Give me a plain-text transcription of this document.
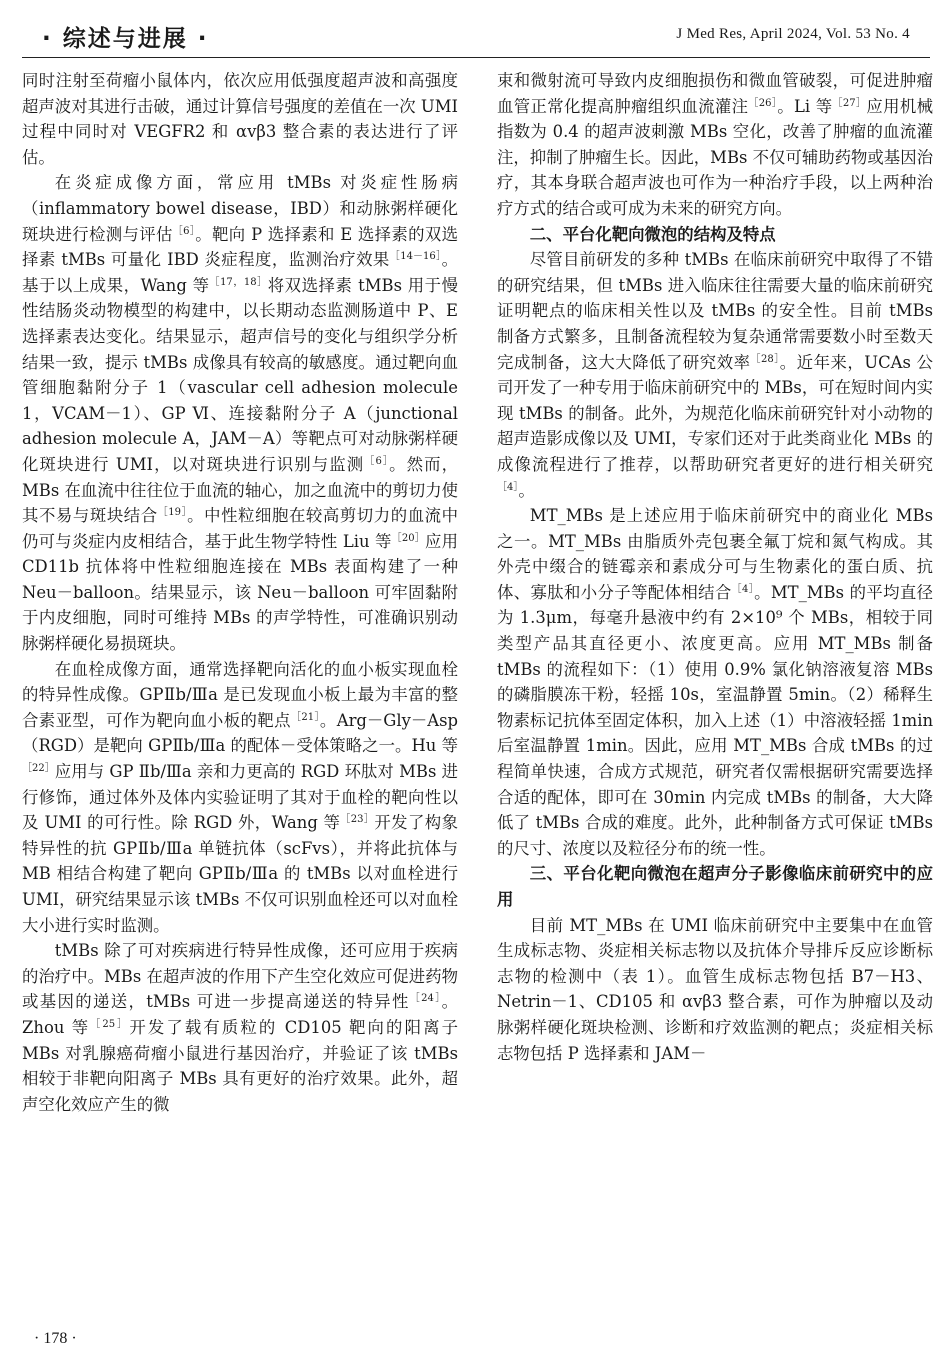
· 综述与进展 ·	J Med Res, April 2024, Vol. 53 No. 4

同时注射至荷瘤小鼠体内，依次应用低强度超声波和高强度超声波对其进行击破，通过计算信号强度的差值在一次 UMI 过程中同时对 VEGFR2 和 αvβ3 整合素的表达进行了评估。

在炎症成像方面，常应用 tMBs 对炎症性肠病（inflammatory bowel disease，IBD）和动脉粥样硬化斑块进行检测与评估$^{[6]}$。靶向 P 选择素和 E 选择素的双选择素 tMBs 可量化 IBD 炎症程度，监测治疗效果$^{[14-16]}$。基于以上成果，Wang 等$^{[17,18]}$将双选择素 tMBs 用于慢性结肠炎动物模型的构建中，以长期动态监测肠道中 P、E 选择素表达变化。结果显示，超声信号的变化与组织学分析结果一致，提示 tMBs 成像具有较高的敏感度。通过靶向血管细胞黏附分子 1（vascular cell adhesion molecule 1，VCAM－1）、GP Ⅵ、连接黏附分子 A（junctional adhesion molecule A，JAM－A）等靶点可对动脉粥样硬化斑块进行 UMI，以对斑块进行识别与监测$^{[6]}$。然而，MBs 在血流中往往位于血流的轴心，加之血流中的剪切力使其不易与斑块结合$^{[19]}$。中性粒细胞在较高剪切力的血流中仍可与炎症内皮相结合，基于此生物学特性 Liu 等$^{[20]}$应用 CD11b 抗体将中性粒细胞连接在 MBs 表面构建了一种 Neu－balloon。结果显示，该 Neu－balloon 可牢固黏附于内皮细胞，同时可维持 MBs 的声学特性，可准确识别动脉粥样硬化易损斑块。

在血栓成像方面，通常选择靶向活化的血小板实现血栓的特异性成像。GPⅡb/Ⅲa 是已发现血小板上最为丰富的整合素亚型，可作为靶向血小板的靶点$^{[21]}$。Arg－Gly－Asp（RGD）是靶向 GPⅡb/Ⅲa 的配体－受体策略之一。Hu 等$^{[22]}$应用与 GP Ⅱb/Ⅲa 亲和力更高的 RGD 环肽对 MBs 进行修饰，通过体外及体内实验证明了其对于血栓的靶向性以及 UMI 的可行性。除 RGD 外，Wang 等$^{[23]}$开发了构象特异性的抗 GPⅡb/Ⅲa 单链抗体（scFvs），并将此抗体与 MB 相结合构建了靶向 GPⅡb/Ⅲa 的 tMBs 以对血栓进行 UMI，研究结果显示该 tMBs 不仅可识别血栓还可以对血栓大小进行实时监测。

tMBs 除了可对疾病进行特异性成像，还可应用于疾病的治疗中。MBs 在超声波的作用下产生空化效应可促进药物或基因的递送，tMBs 可进一步提高递送的特异性$^{[24]}$。Zhou 等$^{[25]}$开发了载有质粒的 CD105 靶向的阳离子 MBs 对乳腺癌荷瘤小鼠进行基因治疗，并验证了该 tMBs 相较于非靶向阳离子 MBs 具有更好的治疗效果。此外，超声空化效应产生的微

束和微射流可导致内皮细胞损伤和微血管破裂，可促进肿瘤血管正常化提高肿瘤组织血流灌注$^{[26]}$。Li 等$^{[27]}$应用机械指数为 0.4 的超声波刺激 MBs 空化，改善了肿瘤的血流灌注，抑制了肿瘤生长。因此，MBs 不仅可辅助药物或基因治疗，其本身联合超声波也可作为一种治疗手段，以上两种治疗方式的结合或可成为未来的研究方向。

二、平台化靶向微泡的结构及特点

尽管目前研发的多种 tMBs 在临床前研究中取得了不错的研究结果，但 tMBs 进入临床往往需要大量的临床前研究证明靶点的临床相关性以及 tMBs 的安全性。目前 tMBs 制备方式繁多，且制备流程较为复杂通常需要数小时至数天完成制备，这大大降低了研究效率$^{[28]}$。近年来，UCAs 公司开发了一种专用于临床前研究中的 MBs，可在短时间内实现 tMBs 的制备。此外，为规范化临床前研究针对小动物的超声造影成像以及 UMI，专家们还对于此类商业化 MBs 的成像流程进行了推荐，以帮助研究者更好的进行相关研究$^{[4]}$。

MT_MBs 是上述应用于临床前研究中的商业化 MBs 之一。MT_MBs 由脂质外壳包裹全氟丁烷和氮气构成。其外壳中缀合的链霉亲和素成分可与生物素化的蛋白质、抗体、寡肽和小分子等配体相结合$^{[4]}$。MT_MBs 的平均直径为 1.3μm，每毫升悬液中约有 2×10⁹ 个 MBs，相较于同类型产品其直径更小、浓度更高。应用 MT_MBs 制备 tMBs 的流程如下：（1）使用 0.9% 氯化钠溶液复溶 MBs 的磷脂膜冻干粉，轻摇 10s，室温静置 5min。（2）稀释生物素标记抗体至固定体积，加入上述（1）中溶液轻摇 1min后室温静置 1min。因此，应用 MT_MBs 合成 tMBs 的过程简单快速，合成方式规范，研究者仅需根据研究需要选择合适的配体，即可在 30min 内完成 tMBs 的制备，大大降低了 tMBs 合成的难度。此外，此种制备方式可保证 tMBs 的尺寸、浓度以及粒径分布的统一性。

三、平台化靶向微泡在超声分子影像临床前研究中的应用

目前 MT_MBs 在 UMI 临床前研究中主要集中在血管生成标志物、炎症相关标志物以及抗体介导排斥反应诊断标志物的检测中（表 1）。血管生成标志物包括 B7－H3、Netrin－1、CD105 和 αvβ3 整合素，可作为肿瘤以及动脉粥样硬化斑块检测、诊断和疗效监测的靶点；炎症相关标志物包括 P 选择素和 JAM－

· 178 ·
